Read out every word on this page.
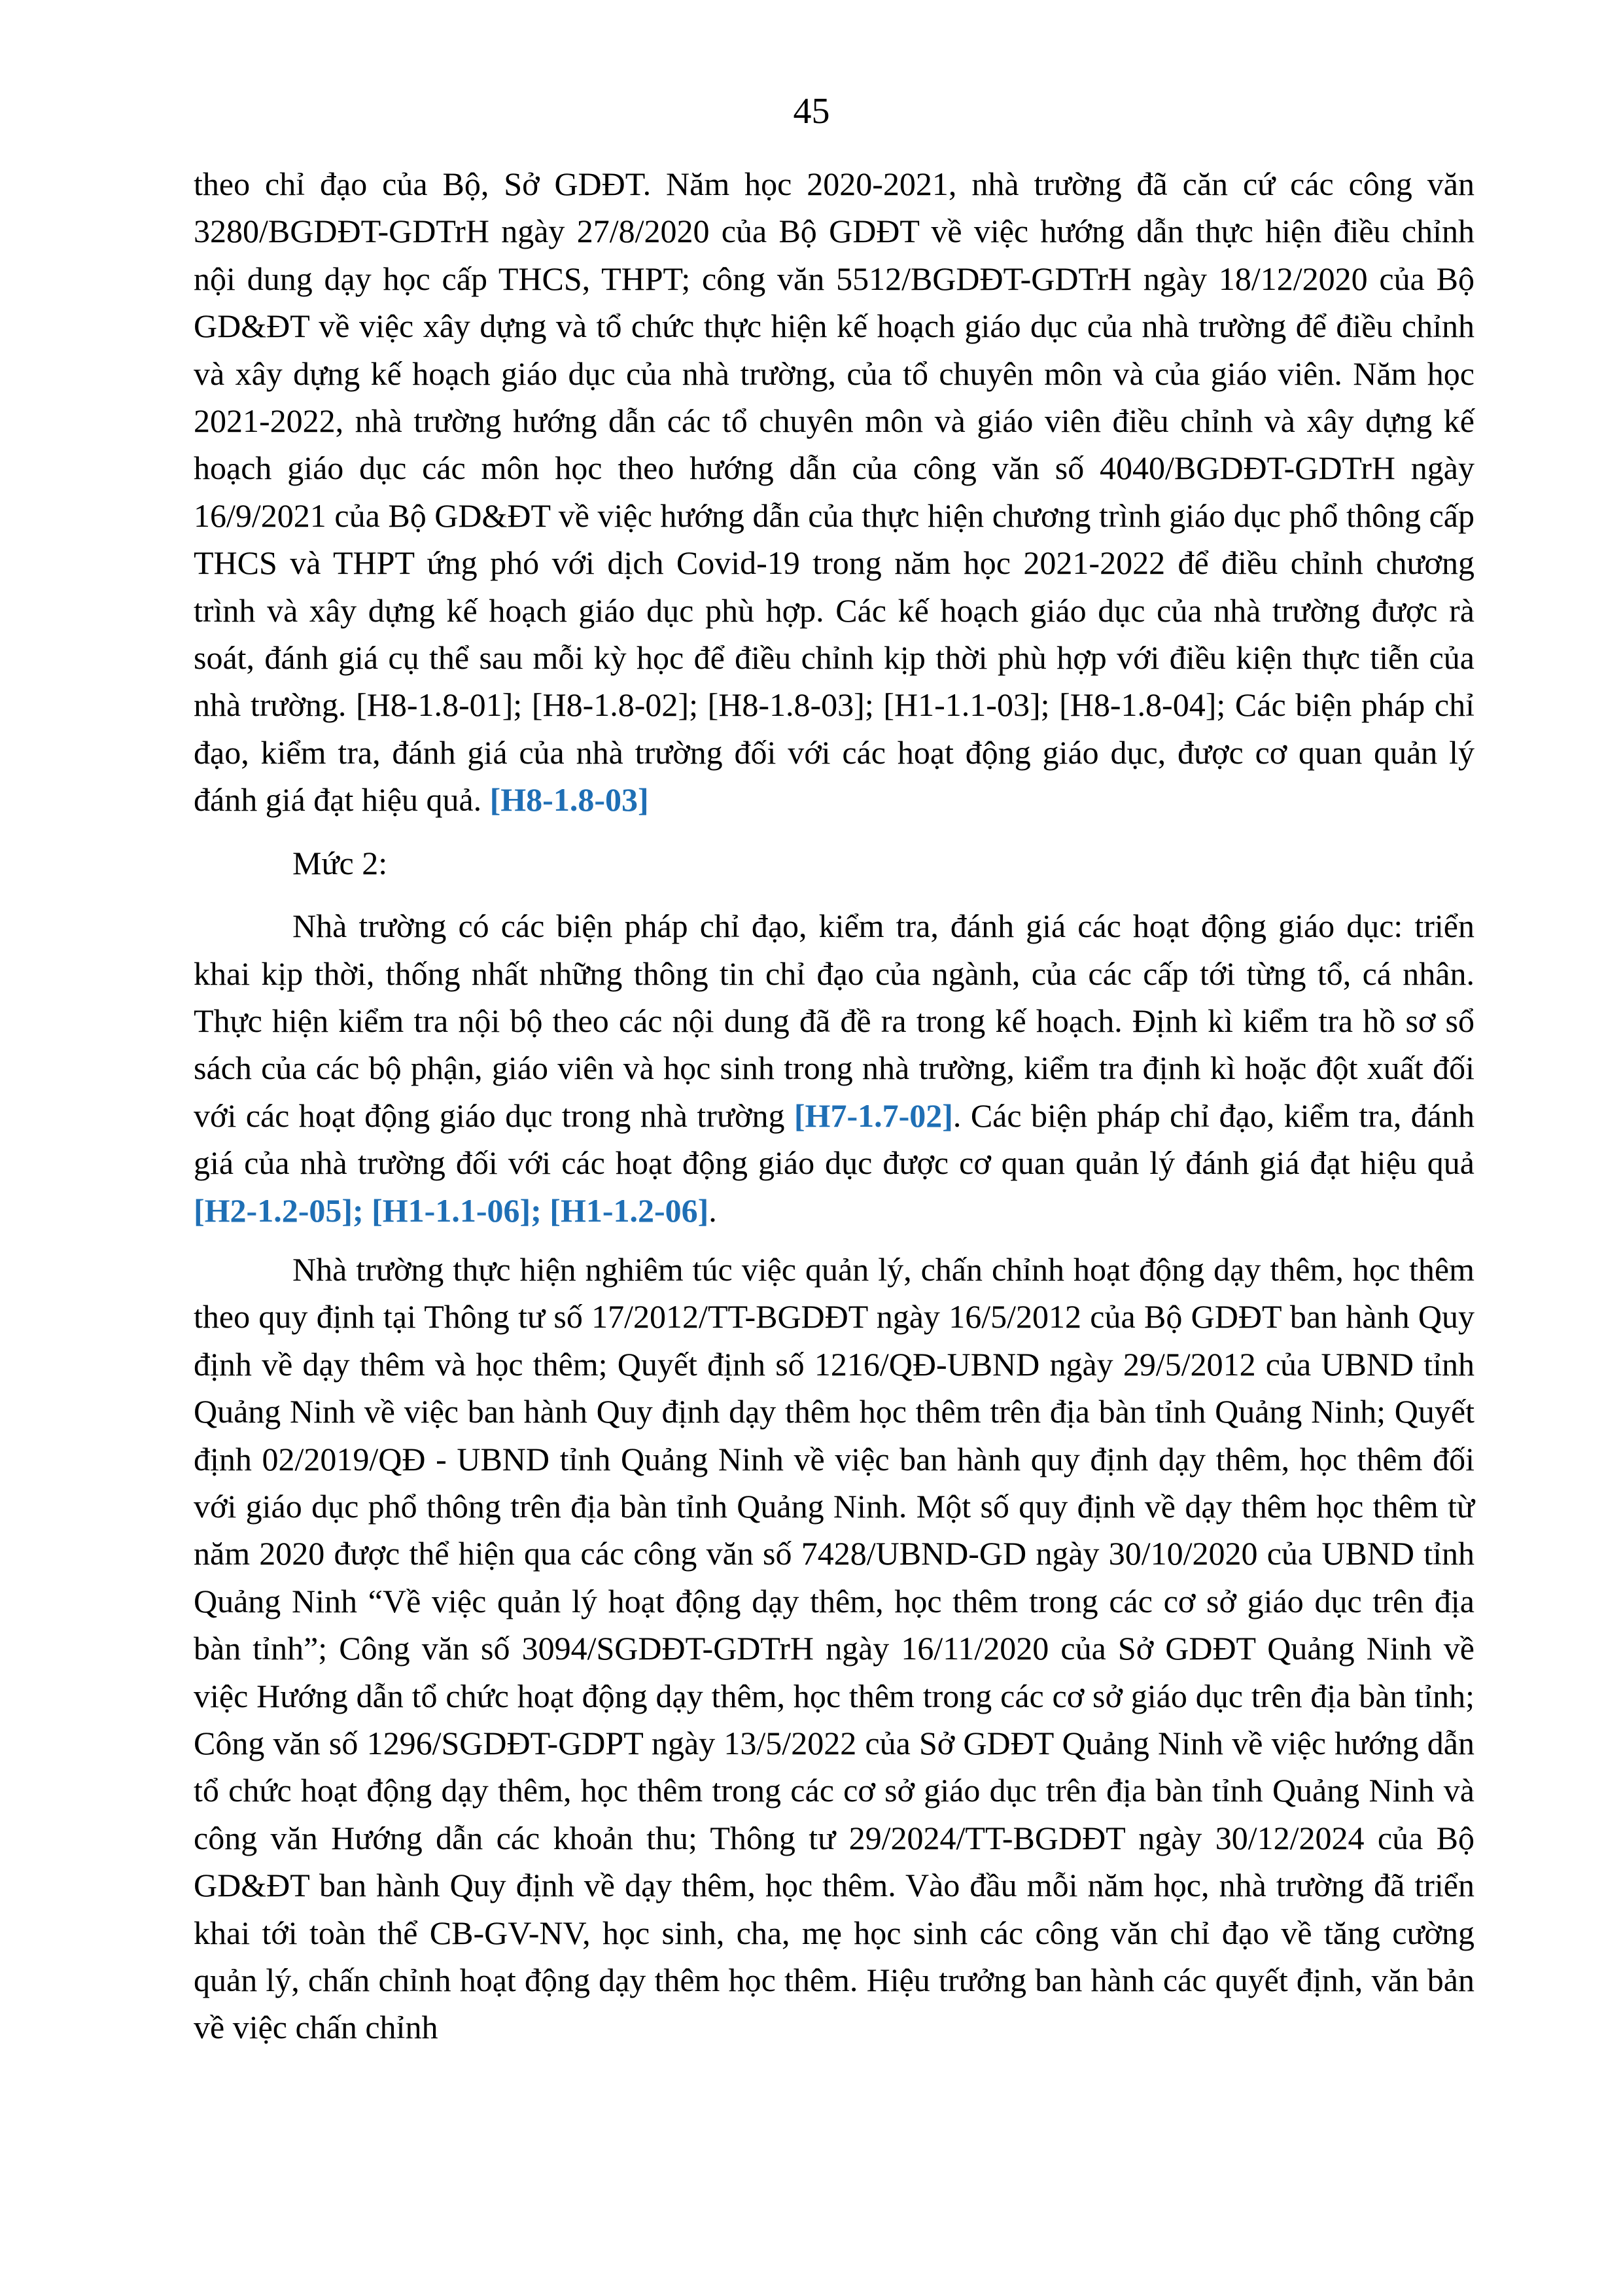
45

theo chỉ đạo của Bộ, Sở GDĐT. Năm học 2020-2021, nhà trường đã căn cứ các công văn 3280/BGDĐT-GDTrH ngày 27/8/2020 của Bộ GDĐT về việc hướng dẫn thực hiện điều chỉnh nội dung dạy học cấp THCS, THPT; công văn 5512/BGDĐT-GDTrH ngày 18/12/2020 của Bộ GD&ĐT về việc xây dựng và tổ chức thực hiện kế hoạch giáo dục của nhà trường để điều chỉnh và xây dựng kế hoạch giáo dục của nhà trường, của tổ chuyên môn và của giáo viên. Năm học 2021-2022, nhà trường hướng dẫn các tổ chuyên môn và giáo viên điều chỉnh và xây dựng kế hoạch giáo dục các môn học theo hướng dẫn của công văn số 4040/BGDĐT-GDTrH ngày 16/9/2021 của Bộ GD&ĐT về việc hướng dẫn của thực hiện chương trình giáo dục phổ thông cấp THCS và THPT ứng phó với dịch Covid-19 trong năm học 2021-2022 để điều chỉnh chương trình và xây dựng kế hoạch giáo dục phù hợp. Các kế hoạch giáo dục của nhà trường được rà soát, đánh giá cụ thể sau mỗi kỳ học để điều chỉnh kịp thời phù hợp với điều kiện thực tiễn của nhà trường. [H8-1.8-01]; [H8-1.8-02]; [H8-1.8-03]; [H1-1.1-03]; [H8-1.8-04]; Các biện pháp chỉ đạo, kiểm tra, đánh giá của nhà trường đối với các hoạt động giáo dục, được cơ quan quản lý đánh giá đạt hiệu quả. [H8-1.8-03]

Mức 2:

Nhà trường có các biện pháp chỉ đạo, kiểm tra, đánh giá các hoạt động giáo dục: triển khai kịp thời, thống nhất những thông tin chỉ đạo của ngành, của các cấp tới từng tổ, cá nhân. Thực hiện kiểm tra nội bộ theo các nội dung đã đề ra trong kế hoạch. Định kì kiểm tra hồ sơ sổ sách của các bộ phận, giáo viên và học sinh trong nhà trường, kiểm tra định kì hoặc đột xuất đối với các hoạt động giáo dục trong nhà trường [H7-1.7-02]. Các biện pháp chỉ đạo, kiểm tra, đánh giá của nhà trường đối với các hoạt động giáo dục được cơ quan quản lý đánh giá đạt hiệu quả [H2-1.2-05]; [H1-1.1-06]; [H1-1.2-06].

Nhà trường thực hiện nghiêm túc việc quản lý, chấn chỉnh hoạt động dạy thêm, học thêm theo quy định tại Thông tư số 17/2012/TT-BGDĐT ngày 16/5/2012 của Bộ GDĐT ban hành Quy định về dạy thêm và học thêm; Quyết định số 1216/QĐ-UBND ngày 29/5/2012 của UBND tỉnh Quảng Ninh về việc ban hành Quy định dạy thêm học thêm trên địa bàn tỉnh Quảng Ninh; Quyết định 02/2019/QĐ - UBND tỉnh Quảng Ninh về việc ban hành quy định dạy thêm, học thêm đối với giáo dục phổ thông trên địa bàn tỉnh Quảng Ninh. Một số quy định về dạy thêm học thêm từ năm 2020 được thể hiện qua các công văn số 7428/UBND-GD ngày 30/10/2020 của UBND tỉnh Quảng Ninh “Về việc quản lý hoạt động dạy thêm, học thêm trong các cơ sở giáo dục trên địa bàn tỉnh”; Công văn số 3094/SGDĐT-GDTrH ngày 16/11/2020 của Sở GDĐT Quảng Ninh về việc Hướng dẫn tổ chức hoạt động dạy thêm, học thêm trong các cơ sở giáo dục trên địa bàn tỉnh; Công văn số 1296/SGDĐT-GDPT ngày 13/5/2022 của Sở GDĐT Quảng Ninh về việc hướng dẫn tổ chức hoạt động dạy thêm, học thêm trong các cơ sở giáo dục trên địa bàn tỉnh Quảng Ninh và công văn Hướng dẫn các khoản thu; Thông tư 29/2024/TT-BGDĐT ngày 30/12/2024 của Bộ GD&ĐT ban hành Quy định về dạy thêm, học thêm. Vào đầu mỗi năm học, nhà trường đã triển khai tới toàn thể CB-GV-NV, học sinh, cha, mẹ học sinh các công văn chỉ đạo về tăng cường quản lý, chấn chỉnh hoạt động dạy thêm học thêm. Hiệu trưởng ban hành các quyết định, văn bản về việc chấn chỉnh
